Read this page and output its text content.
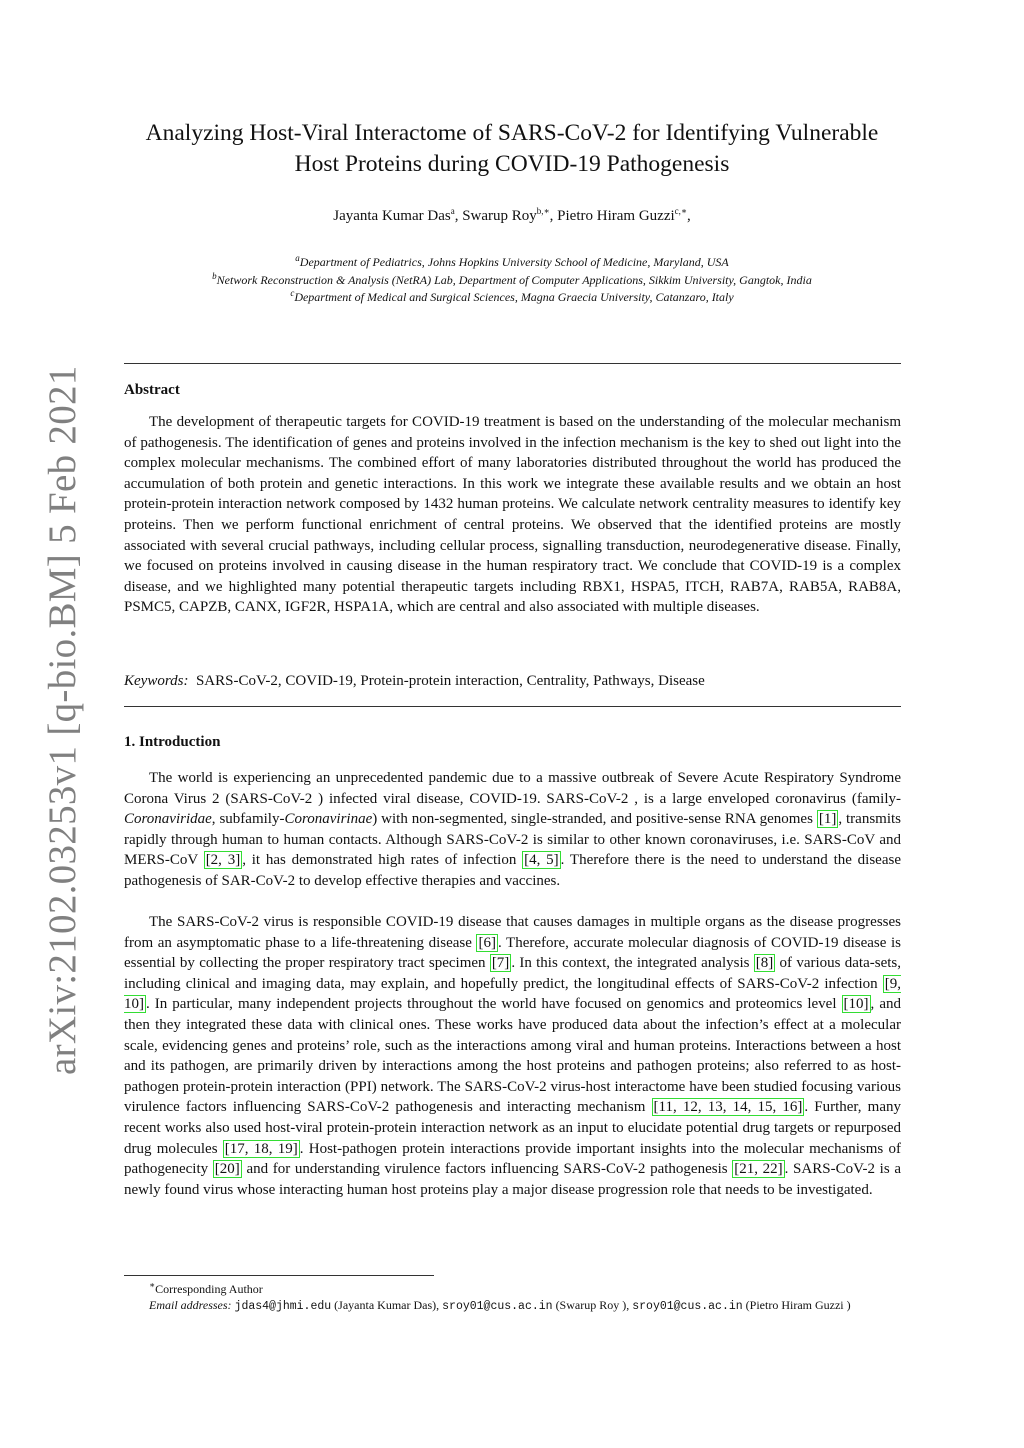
arXiv:2102.03253v1 [q-bio.BM] 5 Feb 2021
Analyzing Host-Viral Interactome of SARS-CoV-2 for Identifying Vulnerable
Host Proteins during COVID-19 Pathogenesis
Jayanta Kumar Das$^a$, Swarup Roy$^{b,∗}$, Pietro Hiram Guzzi$^{c,∗}$,
$^a$Department of Pediatrics, Johns Hopkins University School of Medicine, Maryland, USA
$^b$Network Reconstruction & Analysis (NetRA) Lab, Department of Computer Applications, Sikkim University, Gangtok, India
$^c$Department of Medical and Surgical Sciences, Magna Graecia University, Catanzaro, Italy
Abstract

The development of therapeutic targets for COVID-19 treatment is based on the understanding of the molecular mechanism of pathogenesis. The identification of genes and proteins involved in the infection mechanism is the key to shed out light into the complex molecular mechanisms. The combined effort of many laboratories distributed throughout the world has produced the accumulation of both protein and genetic interactions. In this work we integrate these available results and we obtain an host protein-protein interaction network composed by 1432 human proteins. We calculate network centrality measures to identify key proteins. Then we perform functional enrichment of central proteins. We observed that the identified proteins are mostly associated with several crucial pathways, including cellular process, signalling transduction, neurodegenerative disease. Finally, we focused on proteins involved in causing disease in the human respiratory tract. We conclude that COVID-19 is a complex disease, and we highlighted many potential therapeutic targets including RBX1, HSPA5, ITCH, RAB7A, RAB5A, RAB8A, PSMC5, CAPZB, CANX, IGF2R, HSPA1A, which are central and also associated with multiple diseases.

Keywords: SARS-CoV-2, COVID-19, Protein-protein interaction, Centrality, Pathways, Disease
1. Introduction

The world is experiencing an unprecedented pandemic due to a massive outbreak of Severe Acute Respiratory Syndrome Corona Virus 2 (SARS-CoV-2 ) infected viral disease, COVID-19. SARS-CoV-2 , is a large enveloped coronavirus (family-Coronaviridae, subfamily-Coronavirinae) with non-segmented, single-stranded, and positive-sense RNA genomes [1] , transmits rapidly through human to human contacts. Although SARS-CoV-2 is similar to other known coronaviruses, i.e. SARS-CoV and MERS-CoV [2, 3] , it has demonstrated high rates of infection [4, 5] . Therefore there is the need to understand the disease pathogenesis of SAR-CoV-2 to develop effective therapies and vaccines.

The SARS-CoV-2 virus is responsible COVID-19 disease that causes damages in multiple organs as the disease progresses from an asymptomatic phase to a life-threatening disease [6] . Therefore, accurate molecular diagnosis of COVID-19 disease is essential by collecting the proper respiratory tract specimen [7] . In this context, the integrated analysis [8] of various data-sets, including clinical and imaging data, may explain, and hopefully predict, the longitudinal effects of SARS-CoV-2 infection [9, 10] . In particular, many independent projects throughout the world have focused on genomics and proteomics level [10] , and then they integrated these data with clinical ones. These works have produced data about the infection’s effect at a molecular scale, evidencing genes and proteins’ role, such as the interactions among viral and human proteins. Interactions between a host and its pathogen, are primarily driven by interactions among the host proteins and pathogen proteins; also referred to as host-pathogen protein-protein interaction (PPI) network. The SARS-CoV-2 virus-host interactome have been studied focusing various virulence factors influencing SARS-CoV-2 pathogenesis and interacting mechanism [11, 12, 13, 14, 15, 16] . Further, many recent works also used host-viral protein-protein interaction network as an input to elucidate potential drug targets or repurposed drug molecules [17, 18, 19] . Host-pathogen protein interactions provide important insights into the molecular mechanisms of pathogenecity [20] and for understanding virulence factors influencing SARS-CoV-2 pathogenesis [21, 22] . SARS-CoV-2 is a newly found virus whose interacting human host proteins play a major disease progression role that needs to be investigated.

∗Corresponding Author
Email addresses: jdas4@jhmi.edu (Jayanta Kumar Das), sroy01@cus.ac.in (Swarup Roy ), sroy01@cus.ac.in (Pietro Hiram Guzzi )
